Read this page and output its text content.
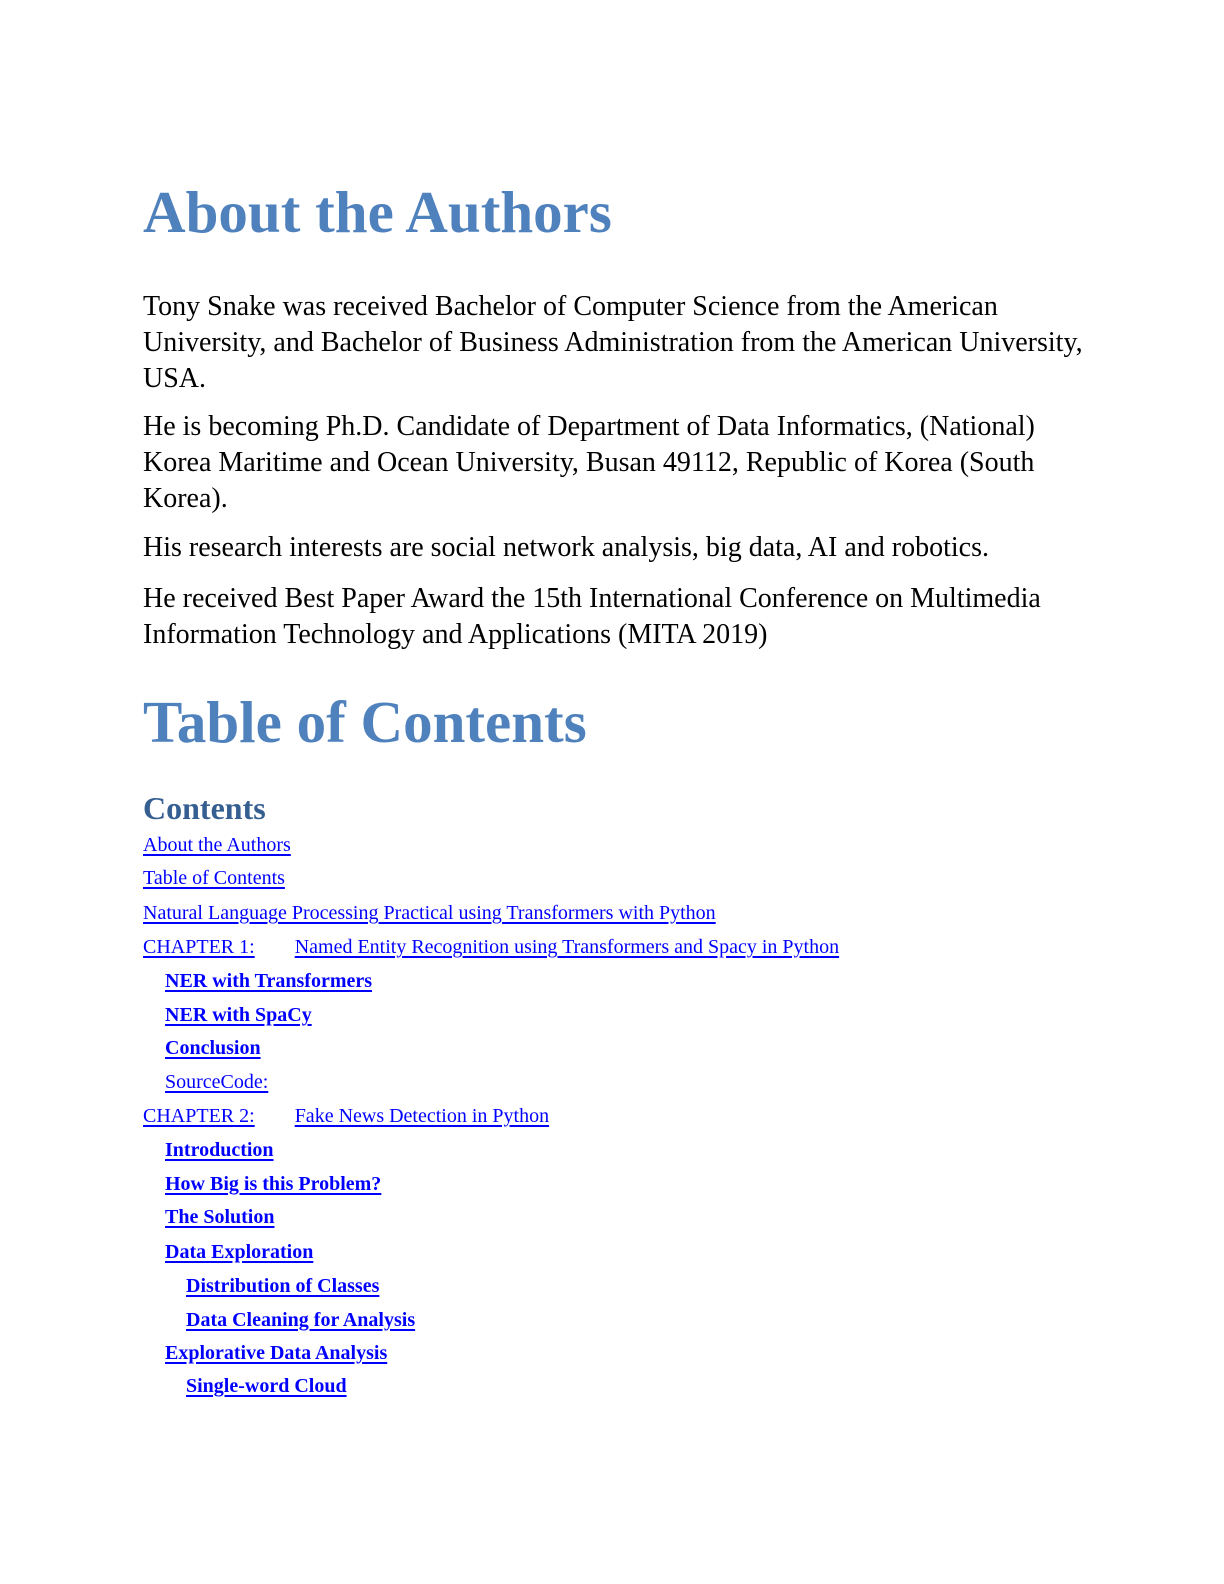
About the Authors

Tony Snake was received Bachelor of Computer Science from the American University, and Bachelor of Business Administration from the American University, USA.

He is becoming Ph.D. Candidate of Department of Data Informatics, (National) Korea Maritime and Ocean University, Busan 49112, Republic of Korea (South Korea).

His research interests are social network analysis, big data, AI and robotics.

He received Best Paper Award the 15th International Conference on Multimedia Information Technology and Applications (MITA 2019)

Table of Contents
Contents
About the Authors
Table of Contents
Natural Language Processing Practical using Transformers with Python
CHAPTER 1: Named Entity Recognition using Transformers and Spacy in Python
NER with Transformers
NER with SpaCy
Conclusion
SourceCode:
CHAPTER 2: Fake News Detection in Python
Introduction
How Big is this Problem?
The Solution
Data Exploration
Distribution of Classes
Data Cleaning for Analysis
Explorative Data Analysis
Single-word Cloud
